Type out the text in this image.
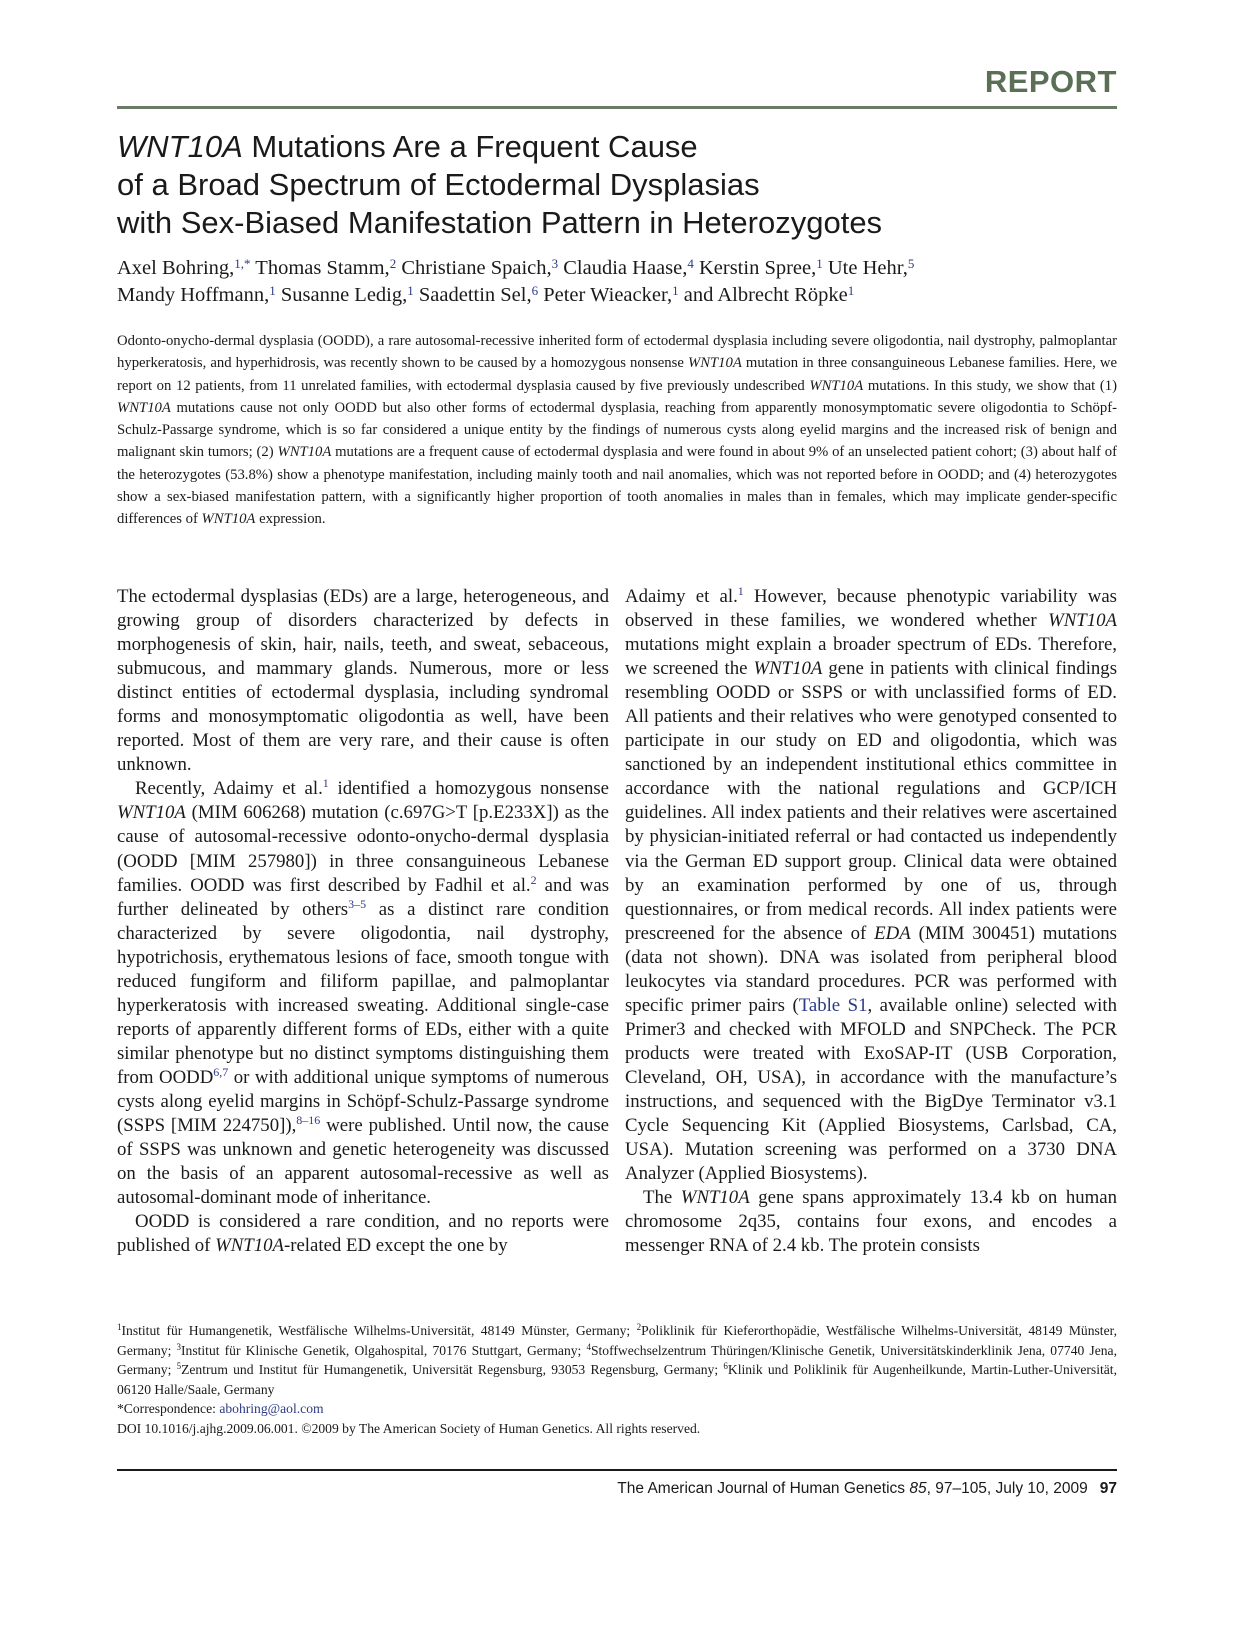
REPORT
WNT10A Mutations Are a Frequent Cause
of a Broad Spectrum of Ectodermal Dysplasias
with Sex-Biased Manifestation Pattern in Heterozygotes
Axel Bohring,$^{1,*}$ Thomas Stamm,$^2$ Christiane Spaich,$^3$ Claudia Haase,$^4$ Kerstin Spree,$^1$ Ute Hehr,$^5$
Mandy Hoffmann,$^1$ Susanne Ledig,$^1$ Saadettin Sel,$^6$ Peter Wieacker,$^1$ and Albrecht Röpke$^1$
Odonto-onycho-dermal dysplasia (OODD), a rare autosomal-recessive inherited form of ectodermal dysplasia including severe oligodontia, nail dystrophy, palmoplantar hyperkeratosis, and hyperhidrosis, was recently shown to be caused by a homozygous nonsense WNT10A mutation in three consanguineous Lebanese families. Here, we report on 12 patients, from 11 unrelated families, with ectodermal dysplasia caused by five previously undescribed WNT10A mutations. In this study, we show that (1) WNT10A mutations cause not only OODD but also other forms of ectodermal dysplasia, reaching from apparently monosymptomatic severe oligodontia to Schöpf-Schulz-Passarge syndrome, which is so far considered a unique entity by the findings of numerous cysts along eyelid margins and the increased risk of benign and malignant skin tumors; (2) WNT10A mutations are a frequent cause of ectodermal dysplasia and were found in about 9% of an unselected patient cohort; (3) about half of the heterozygotes (53.8%) show a phenotype manifestation, including mainly tooth and nail anomalies, which was not reported before in OODD; and (4) heterozygotes show a sex-biased manifestation pattern, with a significantly higher proportion of tooth anomalies in males than in females, which may implicate gender-specific differences of WNT10A expression.

The ectodermal dysplasias (EDs) are a large, heterogeneous, and growing group of disorders characterized by defects in morphogenesis of skin, hair, nails, teeth, and sweat, sebaceous, submucous, and mammary glands. Numerous, more or less distinct entities of ectodermal dysplasia, including syndromal forms and monosymptomatic oligodontia as well, have been reported. Most of them are very rare, and their cause is often unknown.

Recently, Adaimy et al.$^1$ identified a homozygous nonsense WNT10A (MIM 606268) mutation (c.697G>T [p.E233X]) as the cause of autosomal-recessive odonto-onycho-dermal dysplasia (OODD [MIM 257980]) in three consanguineous Lebanese families. OODD was first described by Fadhil et al.$^2$ and was further delineated by others$^{3-5}$ as a distinct rare condition characterized by severe oligodontia, nail dystrophy, hypotrichosis, erythematous lesions of face, smooth tongue with reduced fungiform and filiform papillae, and palmoplantar hyperkeratosis with increased sweating. Additional single-case reports of apparently different forms of EDs, either with a quite similar phenotype but no distinct symptoms distinguishing them from OODD$^{6,7}$ or with additional unique symptoms of numerous cysts along eyelid margins in Schöpf-Schulz-Passarge syndrome (SSPS [MIM 224750]),$^{8-16}$ were published. Until now, the cause of SSPS was unknown and genetic heterogeneity was discussed on the basis of an apparent autosomal-recessive as well as autosomal-dominant mode of inheritance.

OODD is considered a rare condition, and no reports were published of WNT10A-related ED except the one by

Adaimy et al.$^1$ However, because phenotypic variability was observed in these families, we wondered whether WNT10A mutations might explain a broader spectrum of EDs. Therefore, we screened the WNT10A gene in patients with clinical findings resembling OODD or SSPS or with unclassified forms of ED. All patients and their relatives who were genotyped consented to participate in our study on ED and oligodontia, which was sanctioned by an independent institutional ethics committee in accordance with the national regulations and GCP/ICH guidelines. All index patients and their relatives were ascertained by physician-initiated referral or had contacted us independently via the German ED support group. Clinical data were obtained by an examination performed by one of us, through questionnaires, or from medical records. All index patients were prescreened for the absence of EDA (MIM 300451) mutations (data not shown). DNA was isolated from peripheral blood leukocytes via standard procedures. PCR was performed with specific primer pairs (Table S1, available online) selected with Primer3 and checked with MFOLD and SNPCheck. The PCR products were treated with ExoSAP-IT (USB Corporation, Cleveland, OH, USA), in accordance with the manufacture’s instructions, and sequenced with the BigDye Terminator v3.1 Cycle Sequencing Kit (Applied Biosystems, Carlsbad, CA, USA). Mutation screening was performed on a 3730 DNA Analyzer (Applied Biosystems).

The WNT10A gene spans approximately 13.4 kb on human chromosome 2q35, contains four exons, and encodes a messenger RNA of 2.4 kb. The protein consists

$^1$Institut für Humangenetik, Westfälische Wilhelms-Universität, 48149 Münster, Germany; $^2$Poliklinik für Kieferorthopädie, Westfälische Wilhelms-Universität, 48149 Münster, Germany; $^3$Institut für Klinische Genetik, Olgahospital, 70176 Stuttgart, Germany; $^4$Stoffwechselzentrum Thüringen/Klinische Genetik, Universitätskinderklinik Jena, 07740 Jena, Germany; $^5$Zentrum und Institut für Humangenetik, Universität Regensburg, 93053 Regensburg, Germany; $^6$Klinik und Poliklinik für Augenheilkunde, Martin-Luther-Universität, 06120 Halle/Saale, Germany

*Correspondence: abohring@aol.com

DOI 10.1016/j.ajhg.2009.06.001. ©2009 by The American Society of Human Genetics. All rights reserved.

The American Journal of Human Genetics 85, 97–105, July 10, 2009 97
